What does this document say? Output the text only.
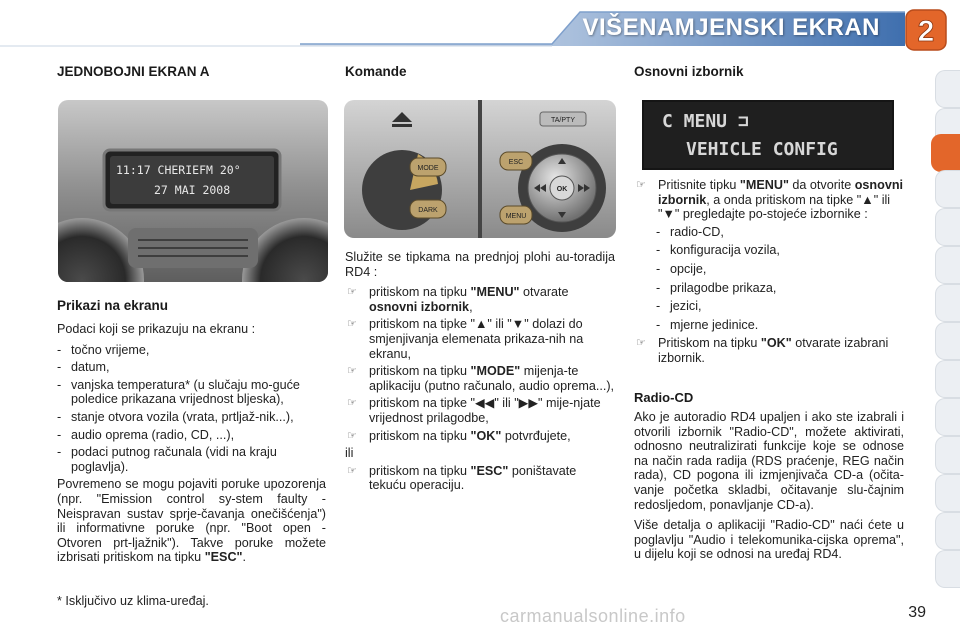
VIŠENAMJENSKI EKRAN 2
JEDNOBOJNI EKRAN A
11:17 CHERIEFM 20°
27 MAI 2008
Prikazi na ekranu

Podaci koji se prikazuju na ekranu :

- točno vrijeme,
- datum,
- vanjska temperatura* (u slučaju mo-guće poledice prikazana vrijednost bljeska),
- stanje otvora vozila (vrata, prtljaž-nik...),
- audio oprema (radio, CD, ...),
- podaci putnog računala (vidi na kraju poglavlja).

Povremeno se mogu pojaviti poruke upozorenja (npr. "Emission control sy-stem faulty - Neispravan sustav sprje-čavanja onečišćenja") ili informativne poruke (npr. "Boot open - Otvoren prt-ljažnik"). Takve poruke možete izbrisati pritiskom na tipku "ESC".

* Isključivo uz klima-uređaj.
Komande
TA/PTY
MODE
DARK
ESC
MENU
OK

Služite se tipkama na prednjoj plohi au-toradija RD4 :

☞ pritiskom na tipku "MENU" otvarate osnovni izbornik,
☞ pritiskom na tipke "▲" ili "▼" dolazi do smjenjivanja elemenata prikaza-nih na ekranu,
☞ pritiskom na tipku "MODE" mijenja-te aplikaciju (putno računalo, audio oprema...),
☞ pritiskom na tipke "◀◀" ili "▶▶" mije-njate vrijednost prilagodbe,
☞ pritiskom na tipku "OK" potvrđujete,

ili

☞ pritiskom na tipku "ESC" poništavate tekuću operaciju.
Osnovni izbornik
C MENU ⊐
VEHICLE CONFIG
☞ Pritisnite tipku "MENU" da otvorite osnovni izbornik, a onda pritiskom na tipke "▲" ili "▼" pregledajte po-stojeće izbornike :
- radio-CD,
- konfiguracija vozila,
- opcije,
- prilagodbe prikaza,
- jezici,
- mjerne jedinice.
☞ Pritiskom na tipku "OK" otvarate izabrani izbornik.
Radio-CD

Ako je autoradio RD4 upaljen i ako ste izabrali i otvorili izbornik "Radio-CD", možete aktivirati, odnosno neutralizirati funkcije koje se odnose na način rada radija (RDS praćenje, REG način rada), CD pogona ili izmjenjivača CD-a (očita-vanje početka skladbi, očitavanje slu-čajnim redosljedom, ponavljanje CD-a).

Više detalja o aplikaciji "Radio-CD" naći ćete u poglavlju "Audio i telekomunika-cijska oprema", u dijelu koji se odnosi na uređaj RD4.

carmanualsonline.info	39
